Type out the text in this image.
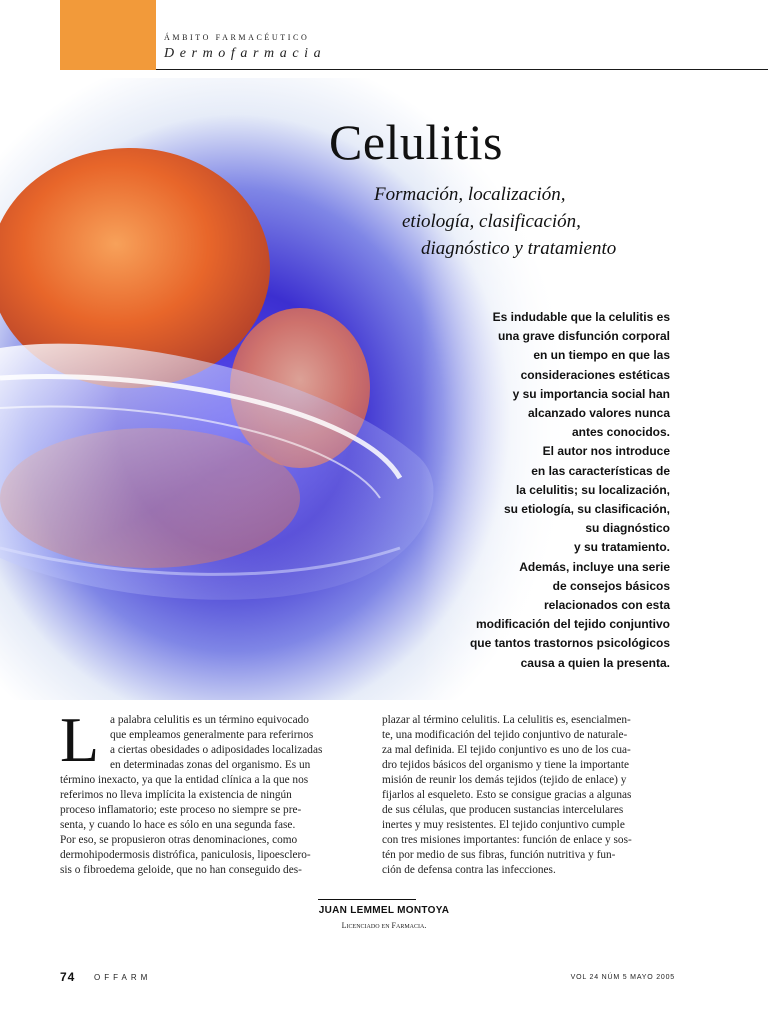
ÁMBITO FARMACÉUTICO
Dermofarmacia
Celulitis
Formación, localización,
etiología, clasificación,
diagnóstico y tratamiento
Es indudable que la celulitis es
una grave disfunción corporal
en un tiempo en que las
consideraciones estéticas
y su importancia social han
alcanzado valores nunca
antes conocidos.
El autor nos introduce
en las características de
la celulitis; su localización,
su etiología, su clasificación,
su diagnóstico
y su tratamiento.
Además, incluye una serie
de consejos básicos
relacionados con esta
modificación del tejido conjuntivo
que tantos trastornos psicológicos
causa a quien la presenta.
L a palabra celulitis es un término equivocado
que empleamos generalmente para referirnos
a ciertas obesidades o adiposidades localizadas
en determinadas zonas del organismo. Es un
término inexacto, ya que la entidad clínica a la que nos
referimos no lleva implícita la existencia de ningún
proceso inflamatorio; este proceso no siempre se pre-
senta, y cuando lo hace es sólo en una segunda fase.
Por eso, se propusieron otras denominaciones, como
dermohipodermosis distrófica, paniculosis, lipoesclero-
sis o fibroedema geloide, que no han conseguido des-
plazar al término celulitis. La celulitis es, esencialmen-
te, una modificación del tejido conjuntivo de naturale-
za mal definida. El tejido conjuntivo es uno de los cua-
dro tejidos básicos del organismo y tiene la importante
misión de reunir los demás tejidos (tejido de enlace) y
fijarlos al esqueleto. Esto se consigue gracias a algunas
de sus células, que producen sustancias intercelulares
inertes y muy resistentes. El tejido conjuntivo cumple
con tres misiones importantes: función de enlace y sos-
tén por medio de sus fibras, función nutritiva y fun-
ción de defensa contra las infecciones.
JUAN LEMMEL MONTOYA
Licenciado en Farmacia.
74 OFFARM	VOL 24 NÚM 5 MAYO 2005
